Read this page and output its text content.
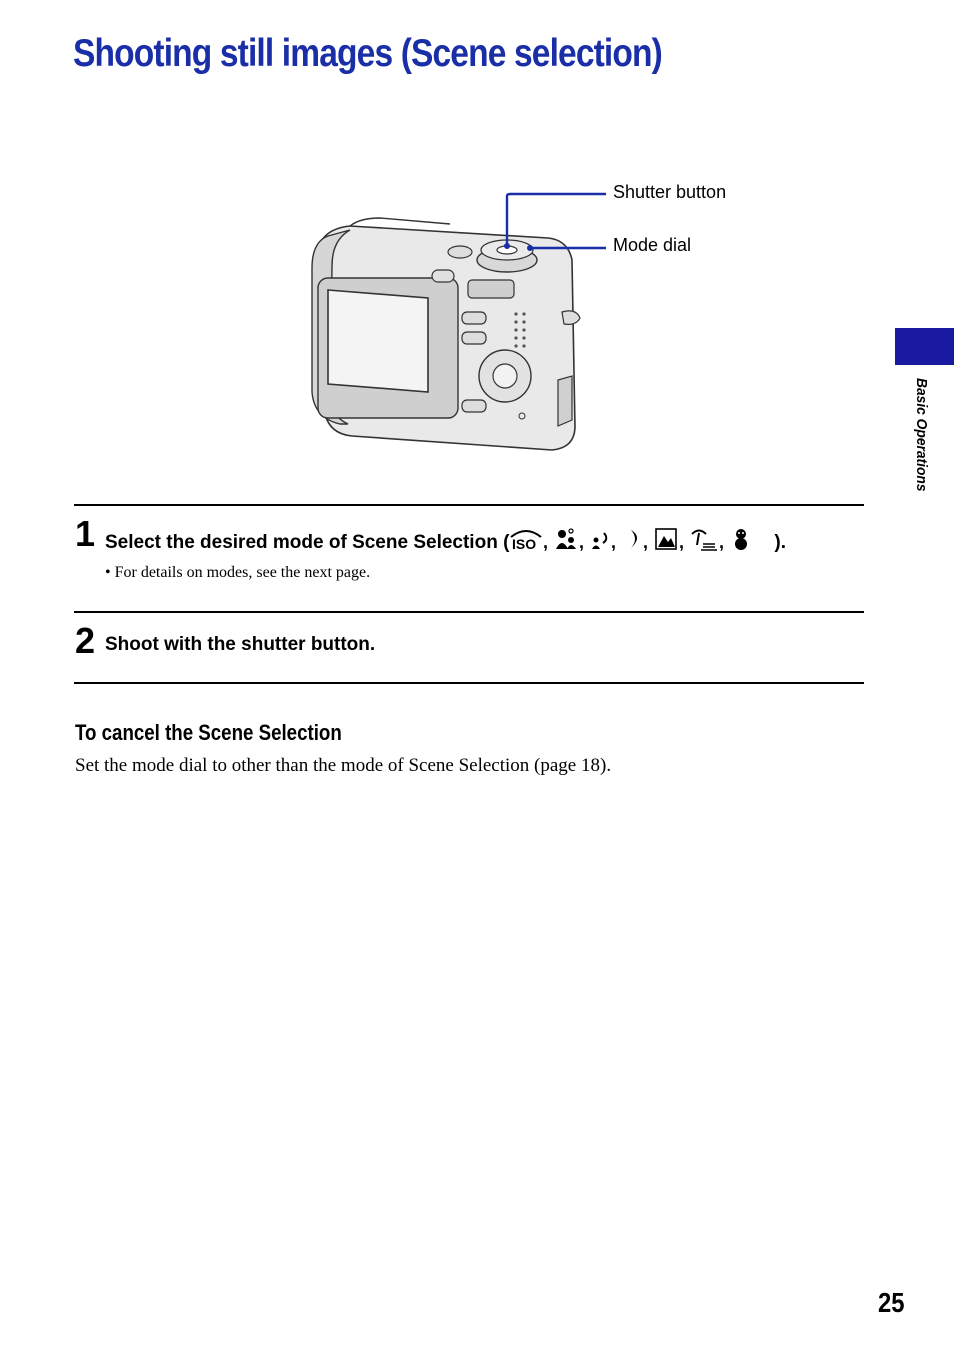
Shooting still images (Scene selection)
Shutter button
Mode dial
Basic Operations
1 Select the desired mode of Scene Selection ( ISO , , , , , ,	).
• For details on modes, see the next page.
2 Shoot with the shutter button.
To cancel the Scene Selection
Set the mode dial to other than the mode of Scene Selection (page 18).
25
